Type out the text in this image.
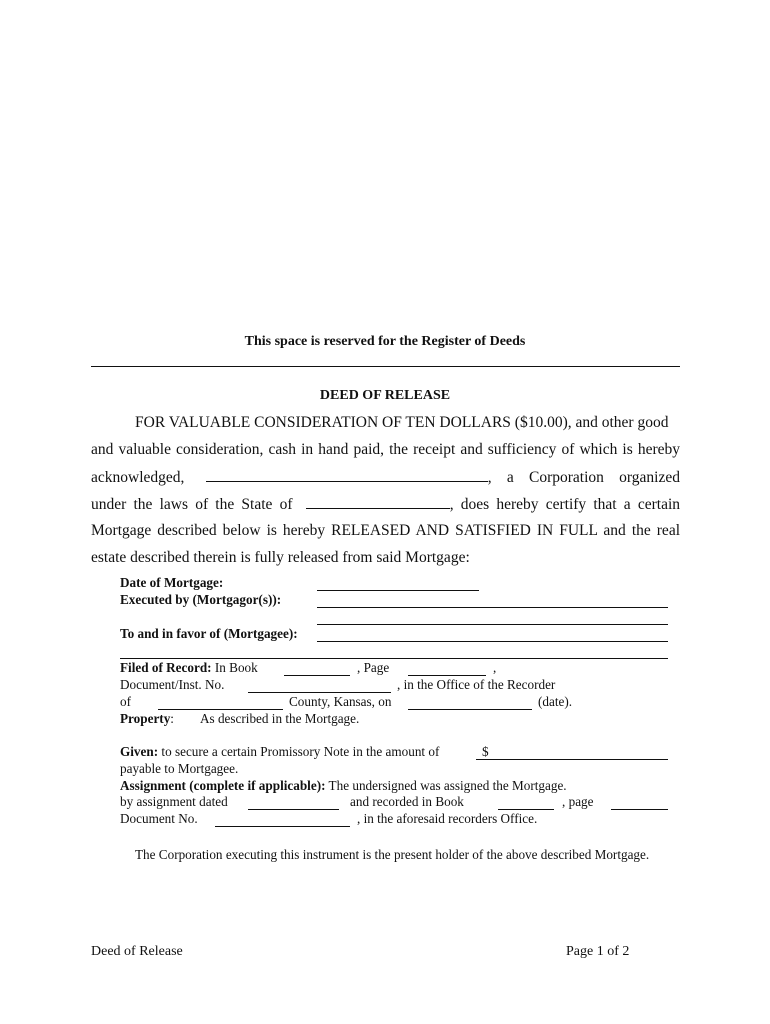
This space is reserved for the Register of Deeds
DEED OF RELEASE
FOR VALUABLE CONSIDERATION OF TEN DOLLARS ($10.00), and other good
and valuable consideration, cash in hand paid, the receipt and sufficiency of which is hereby
acknowledged,	, a Corporation organized
under the laws of the State of	, does hereby certify that a certain
Mortgage described below is hereby RELEASED AND SATISFIED IN FULL and the real
estate described therein is fully released from said Mortgage:
Date of Mortgage:
Executed by (Mortgagor(s)):
To and in favor of (Mortgagee):
Filed of Record: In Book	, Page	,
Document/Inst. No.	, in the Office of the Recorder
of	County, Kansas, on	(date).
Property: As described in the Mortgage.
Given: to secure a certain Promissory Note in the amount of	$
payable to Mortgagee.
Assignment (complete if applicable): The undersigned was assigned the Mortgage.
by assignment dated	and recorded in Book	, page
Document No.	, in the aforesaid recorders Office.
The Corporation executing this instrument is the present holder of the above described Mortgage.
Deed of Release	Page 1 of 2
